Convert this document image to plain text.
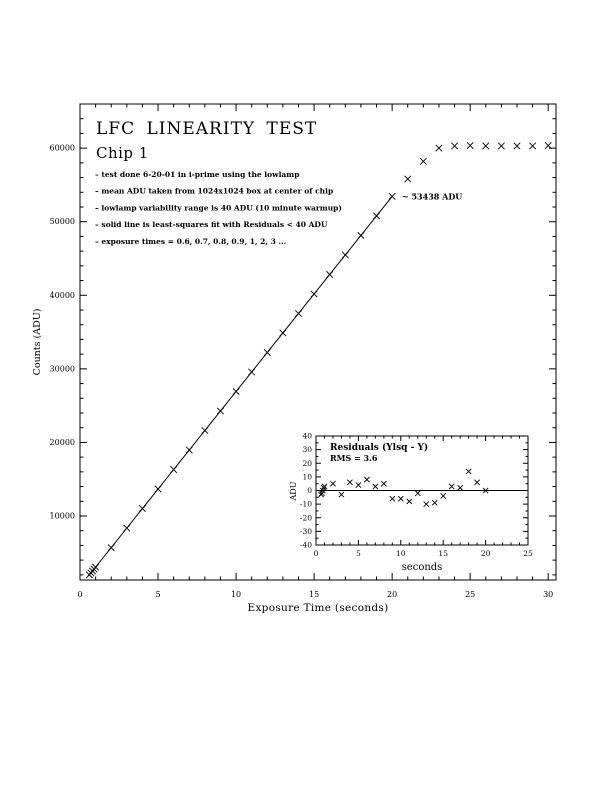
0	5	10	15	20	25	30
10000
20000
30000
40000
50000
60000
– test done 6-20-01 in i-prime using the lowlamp
– mean ADU taken from 1024x1024 box at center of chip
– lowlamp variability range is 40 ADU (10 minute warmup)
– solid line is least-squares fit with Residuals < 40 ADU
– exposure times = 0.6, 0.7, 0.8, 0.9, 1, 2, 3 ...
0	5	10	15	20	25
-40
-30
-20
-10
0
10
20
30
40
LFC LINEARITY TEST
Chip 1
Exposure Time (seconds)
Counts (ADU)
~ 53438 ADU
Residuals (Ylsq - Y)
RMS = 3.6
seconds
ADU
